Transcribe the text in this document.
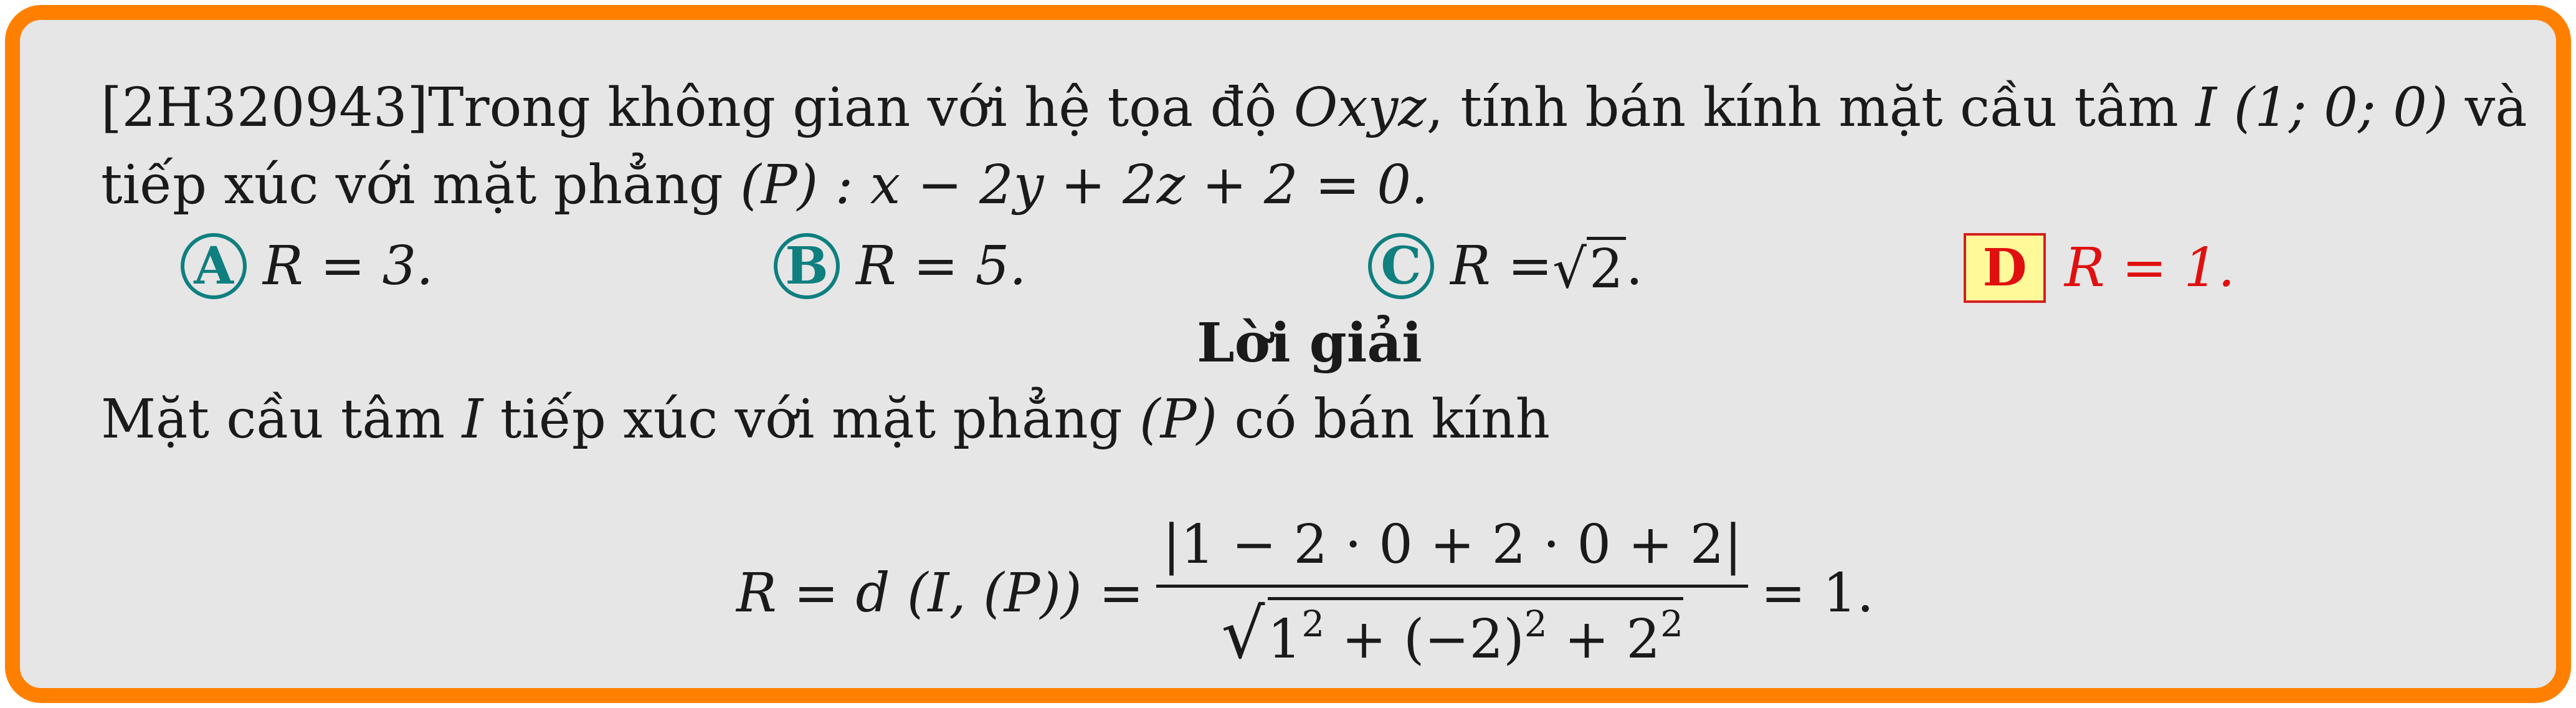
[2H320943]Trong không gian với hệ tọa độ Oxyz, tính bán kính mặt cầu tâm I (1; 0; 0) và
tiếp xúc với mặt phẳng (P) : x − 2y + 2z + 2 = 0.
A R = 3.	B R = 5.	C R = √ 2 .	D R = 1.
Lời giải
Mặt cầu tâm I tiếp xúc với mặt phẳng (P) có bán kính
R = d (I, $(P)) = \frac{|1 - 2 \cdot 0 + 2 \cdot 0 + 2|}{√ 1^2 + (-2)^2 + 2^2} = 1$.
